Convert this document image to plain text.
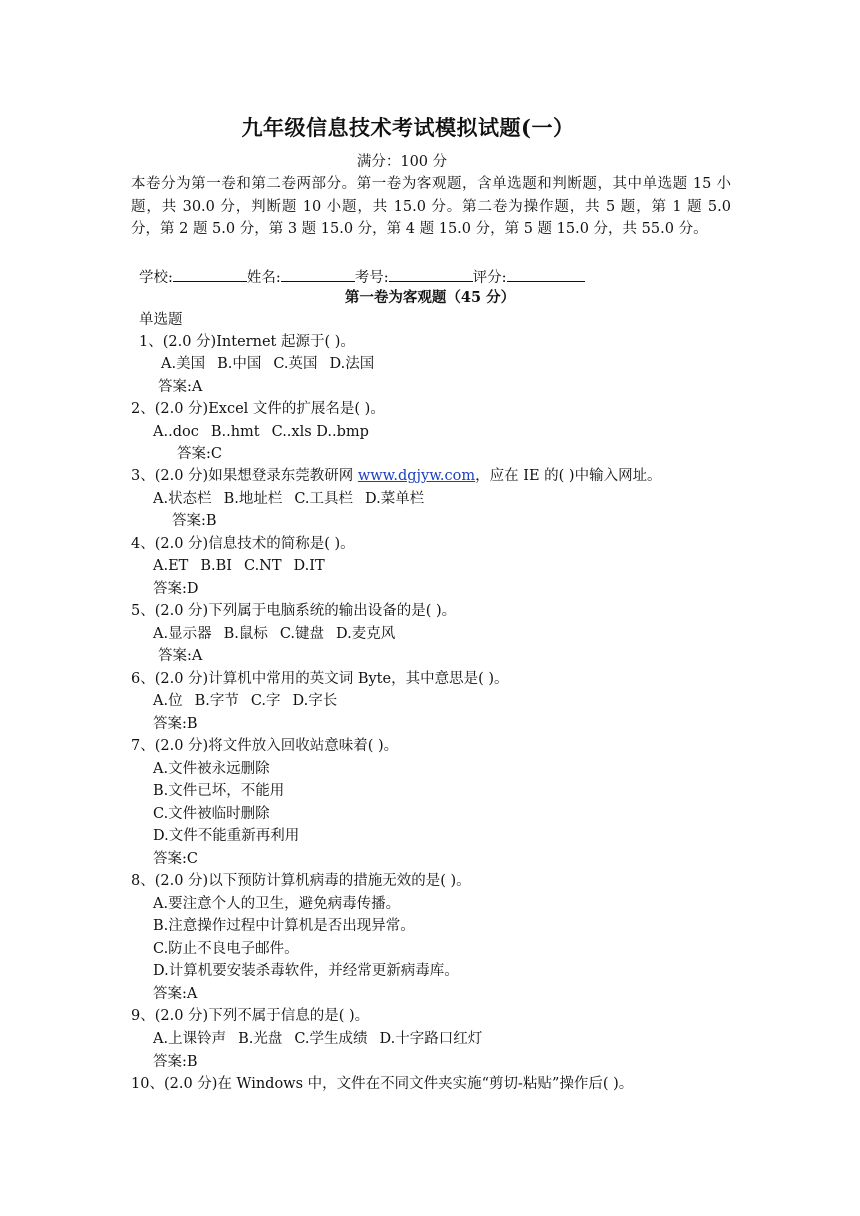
九年级信息技术考试模拟试题(一）
满分：100 分
本卷分为第一卷和第二卷两部分。第一卷为客观题，含单选题和判断题，其中单选题 15 小题，共 30.0 分，判断题 10 小题，共 15.0 分。第二卷为操作题，共 5 题，第 1 题 5.0 分，第 2 题 5.0 分，第 3 题 15.0 分，第 4 题 15.0 分，第 5 题 15.0 分，共 55.0 分。
学校:	姓名:	考号:	评分:
第一卷为客观题（45 分）
单选题
1、(2.0 分)Internet 起源于( )。
A.美国 B.中国 C.英国 D.法国
答案:A
2、(2.0 分)Excel 文件的扩展名是( )。
A..doc B..hmt C..xls D..bmp
答案:C
3、(2.0 分)如果想登录东莞教研网 www.dgjyw.com，应在 IE 的( )中输入网址。
A.状态栏 B.地址栏 C.工具栏 D.菜单栏
答案:B
4、(2.0 分)信息技术的简称是( )。
A.ET B.BI C.NT D.IT
答案:D
5、(2.0 分)下列属于电脑系统的输出设备的是( )。
A.显示器 B.鼠标 C.键盘 D.麦克风
答案:A
6、(2.0 分)计算机中常用的英文词 Byte，其中意思是( )。
A.位 B.字节 C.字 D.字长
答案:B
7、(2.0 分)将文件放入回收站意味着( )。
A.文件被永远删除
B.文件已坏，不能用
C.文件被临时删除
D.文件不能重新再利用
答案:C
8、(2.0 分)以下预防计算机病毒的措施无效的是( )。
A.要注意个人的卫生，避免病毒传播。
B.注意操作过程中计算机是否出现异常。
C.防止不良电子邮件。
D.计算机要安装杀毒软件，并经常更新病毒库。
答案:A
9、(2.0 分)下列不属于信息的是( )。
A.上课铃声 B.光盘 C.学生成绩 D.十字路口红灯
答案:B
10、(2.0 分)在 Windows 中，文件在不同文件夹实施“剪切-粘贴”操作后( )。
